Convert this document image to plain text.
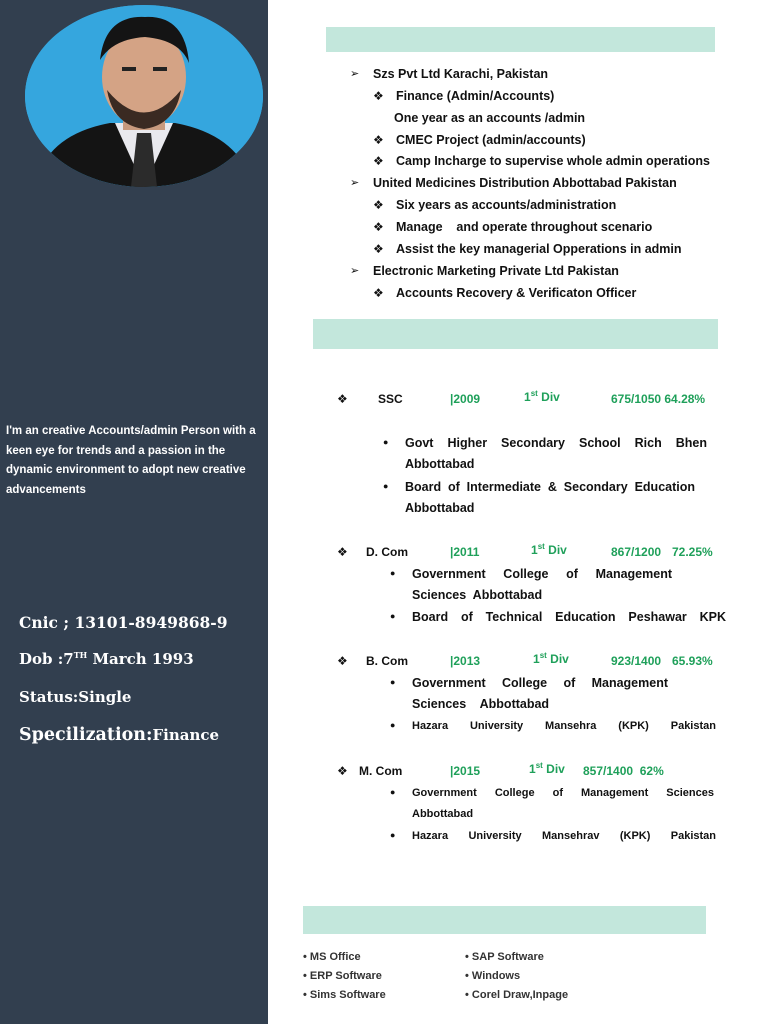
I'm an creative Accounts/admin Person with a keen eye for trends and a passion in the dynamic environment to adopt new creative advancements
Cnic ; 13101-8949868-9
Dob :7TH March 1993
Status:Single
Specilization:Finance
➢ Szs Pvt Ltd Karachi, Pakistan
❖ Finance (Admin/Accounts)
One year as an accounts /admin
❖ CMEC Project (admin/accounts)
❖ Camp Incharge to supervise whole admin operations
➢ United Medicines Distribution Abbottabad Pakistan
❖ Six years as accounts/administration
❖ Manage    and operate throughout scenario
❖ Assist the key managerial Opperations in admin
➢ Electronic Marketing Private Ltd Pakistan
❖ Accounts Recovery & Verificaton Officer
❖	SSC	|2009	1st Div	675/1050 64.28%
● Govt Higher Secondary School Rich Bhen
Abbottabad
● Board of Intermediate & Secondary Education
Abbottabad
❖ D. Com	|2011	1st Div	867/1200 72.25%
● Government College of Management
Sciences  Abbottabad
● Board of Technical Education Peshawar KPK
❖ B. Com	|2013	1st Div	923/1400 65.93%
● Government College of Management
Sciences    Abbottabad
● Hazara University Mansehra (KPK) Pakistan
❖ M. Com	|2015	1st Div 857/1400  62%
● Government College of Management Sciences
Abbottabad
● Hazara University Mansehrav (KPK) Pakistan
• MS Office
• ERP Software
• Sims Software
• SAP Software
• Windows
• Corel Draw,Inpage
